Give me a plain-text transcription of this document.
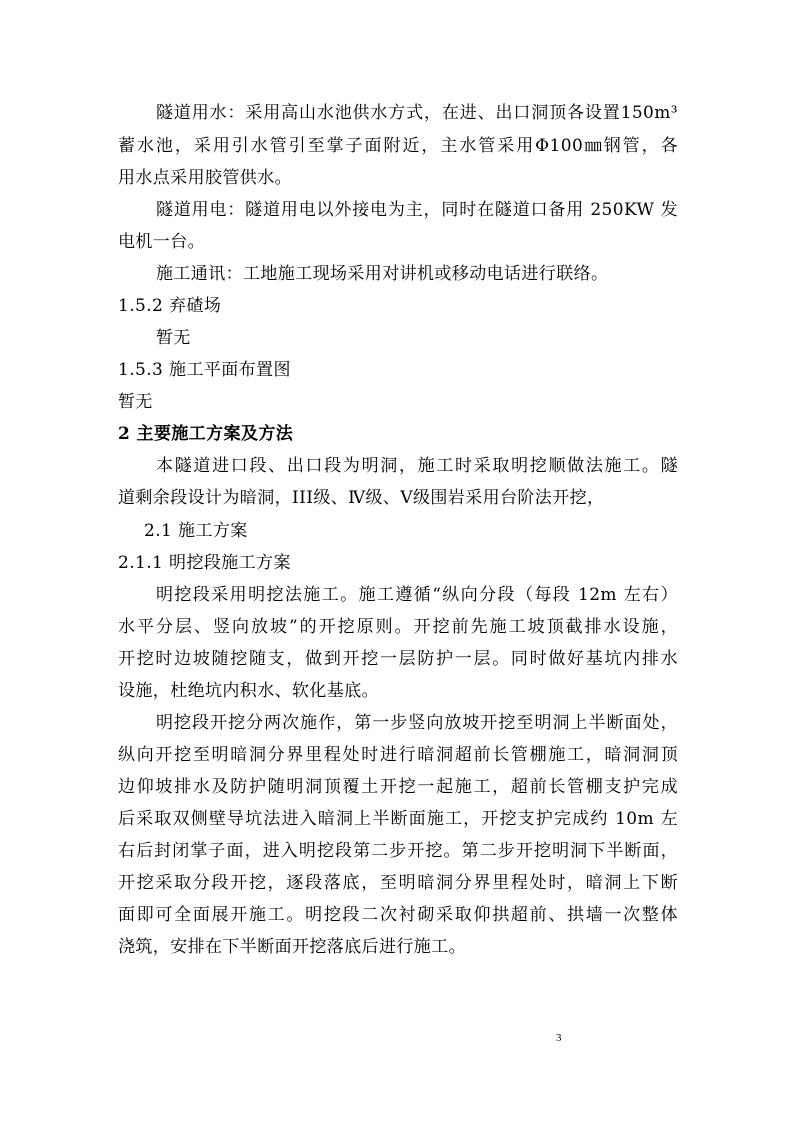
隧道用水：采用高山水池供水方式，在进、出口洞顶各设置150m³
蓄水池，采用引水管引至掌子面附近，主水管采用Φ100㎜钢管，各
用水点采用胶管供水。
隧道用电：隧道用电以外接电为主，同时在隧道口备用 250KW 发
电机一台。
施工通讯：工地施工现场采用对讲机或移动电话进行联络。
1.5.2 弃碴场
暂无
1.5.3 施工平面布置图
暂无
2 主要施工方案及方法
本隧道进口段、出口段为明洞，施工时采取明挖顺做法施工。隧
道剩余段设计为暗洞，III级、Ⅳ级、Ⅴ级围岩采用台阶法开挖，
2.1 施工方案
2.1.1 明挖段施工方案
明挖段采用明挖法施工。施工遵循“纵向分段（每段 12m 左右）
水平分层、竖向放坡”的开挖原则。开挖前先施工坡顶截排水设施，
开挖时边坡随挖随支，做到开挖一层防护一层。同时做好基坑内排水
设施，杜绝坑内积水、软化基底。
明挖段开挖分两次施作，第一步竖向放坡开挖至明洞上半断面处，
纵向开挖至明暗洞分界里程处时进行暗洞超前长管棚施工，暗洞洞顶
边仰坡排水及防护随明洞顶覆土开挖一起施工，超前长管棚支护完成
后采取双侧壁导坑法进入暗洞上半断面施工，开挖支护完成约 10m 左
右后封闭掌子面，进入明挖段第二步开挖。第二步开挖明洞下半断面，
开挖采取分段开挖，逐段落底，至明暗洞分界里程处时，暗洞上下断
面即可全面展开施工。明挖段二次衬砌采取仰拱超前、拱墙一次整体
浇筑，安排在下半断面开挖落底后进行施工。
3
